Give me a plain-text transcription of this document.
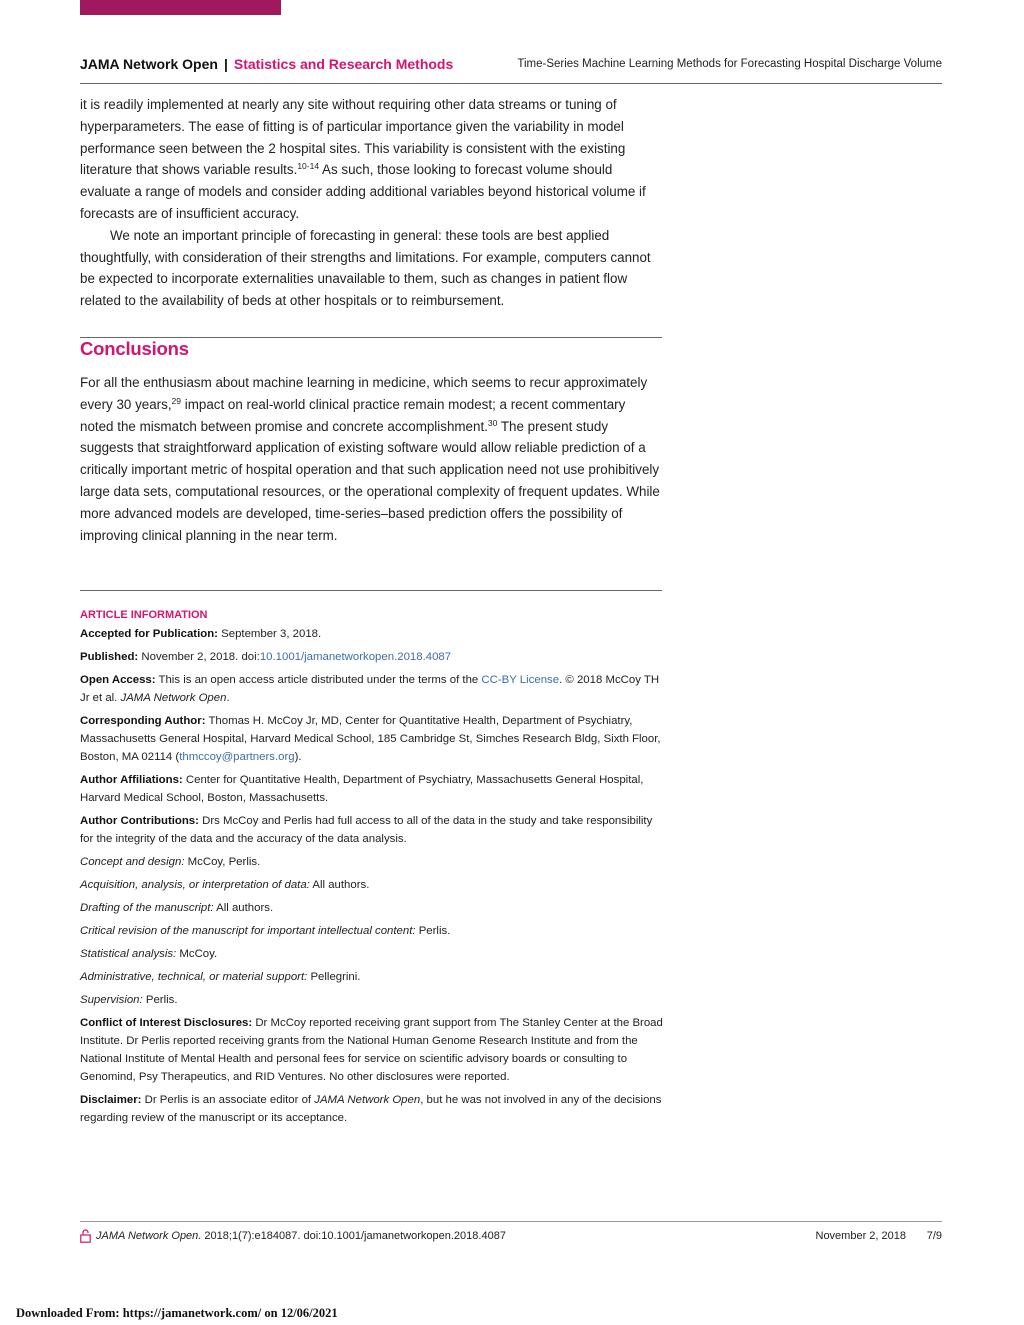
JAMA Network Open | Statistics and Research Methods	Time-Series Machine Learning Methods for Forecasting Hospital Discharge Volume

it is readily implemented at nearly any site without requiring other data streams or tuning of hyperparameters. The ease of fitting is of particular importance given the variability in model performance seen between the 2 hospital sites. This variability is consistent with the existing literature that shows variable results.$^{10-14}$ As such, those looking to forecast volume should evaluate a range of models and consider adding additional variables beyond historical volume if forecasts are of insufficient accuracy.

We note an important principle of forecasting in general: these tools are best applied thoughtfully, with consideration of their strengths and limitations. For example, computers cannot be expected to incorporate externalities unavailable to them, such as changes in patient flow related to the availability of beds at other hospitals or to reimbursement.

Conclusions

For all the enthusiasm about machine learning in medicine, which seems to recur approximately every 30 years,$^{29}$ impact on real-world clinical practice remain modest; a recent commentary noted the mismatch between promise and concrete accomplishment.$^{30}$ The present study suggests that straightforward application of existing software would allow reliable prediction of a critically important metric of hospital operation and that such application need not use prohibitively large data sets, computational resources, or the operational complexity of frequent updates. While more advanced models are developed, time-series–based prediction offers the possibility of improving clinical planning in the near term.

ARTICLE INFORMATION

Accepted for Publication: September 3, 2018.

Published: November 2, 2018. doi:10.1001/jamanetworkopen.2018.4087

Open Access: This is an open access article distributed under the terms of the CC-BY License. © 2018 McCoy TH Jr et al. JAMA Network Open.

Corresponding Author: Thomas H. McCoy Jr, MD, Center for Quantitative Health, Department of Psychiatry, Massachusetts General Hospital, Harvard Medical School, 185 Cambridge St, Simches Research Bldg, Sixth Floor, Boston, MA 02114 (thmccoy@partners.org).

Author Affiliations: Center for Quantitative Health, Department of Psychiatry, Massachusetts General Hospital, Harvard Medical School, Boston, Massachusetts.

Author Contributions: Drs McCoy and Perlis had full access to all of the data in the study and take responsibility for the integrity of the data and the accuracy of the data analysis.

Concept and design: McCoy, Perlis.

Acquisition, analysis, or interpretation of data: All authors.

Drafting of the manuscript: All authors.

Critical revision of the manuscript for important intellectual content: Perlis.

Statistical analysis: McCoy.

Administrative, technical, or material support: Pellegrini.

Supervision: Perlis.

Conflict of Interest Disclosures: Dr McCoy reported receiving grant support from The Stanley Center at the Broad Institute. Dr Perlis reported receiving grants from the National Human Genome Research Institute and from the National Institute of Mental Health and personal fees for service on scientific advisory boards or consulting to Genomind, Psy Therapeutics, and RID Ventures. No other disclosures were reported.

Disclaimer: Dr Perlis is an associate editor of JAMA Network Open, but he was not involved in any of the decisions regarding review of the manuscript or its acceptance.

JAMA Network Open. 2018;1(7):e184087. doi:10.1001/jamanetworkopen.2018.4087	November 2, 2018 7/9
Downloaded From: https://jamanetwork.com/ on 12/06/2021
